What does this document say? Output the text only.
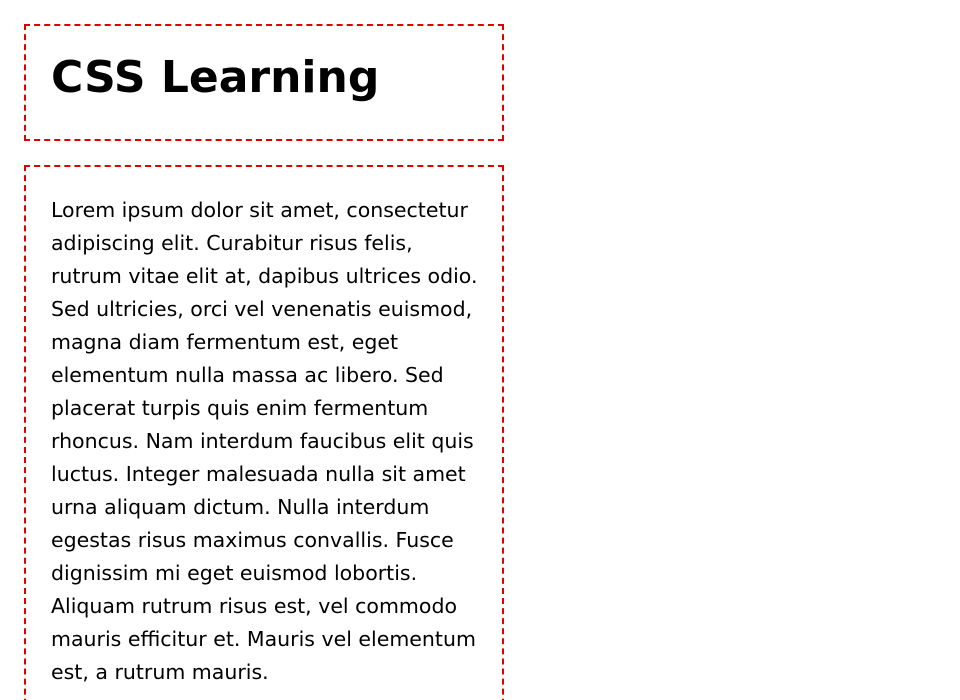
CSS Learning

Lorem ipsum dolor sit amet, consectetur adipiscing elit. Curabitur risus felis, rutrum vitae elit at, dapibus ultrices odio. Sed ultricies, orci vel venenatis euismod, magna diam fermentum est, eget elementum nulla massa ac libero. Sed placerat turpis quis enim fermentum rhoncus. Nam interdum faucibus elit quis luctus. Integer malesuada nulla sit amet urna aliquam dictum. Nulla interdum egestas risus maximus convallis. Fusce dignissim mi eget euismod lobortis. Aliquam rutrum risus est, vel commodo mauris efficitur et. Mauris vel elementum est, a rutrum mauris.
